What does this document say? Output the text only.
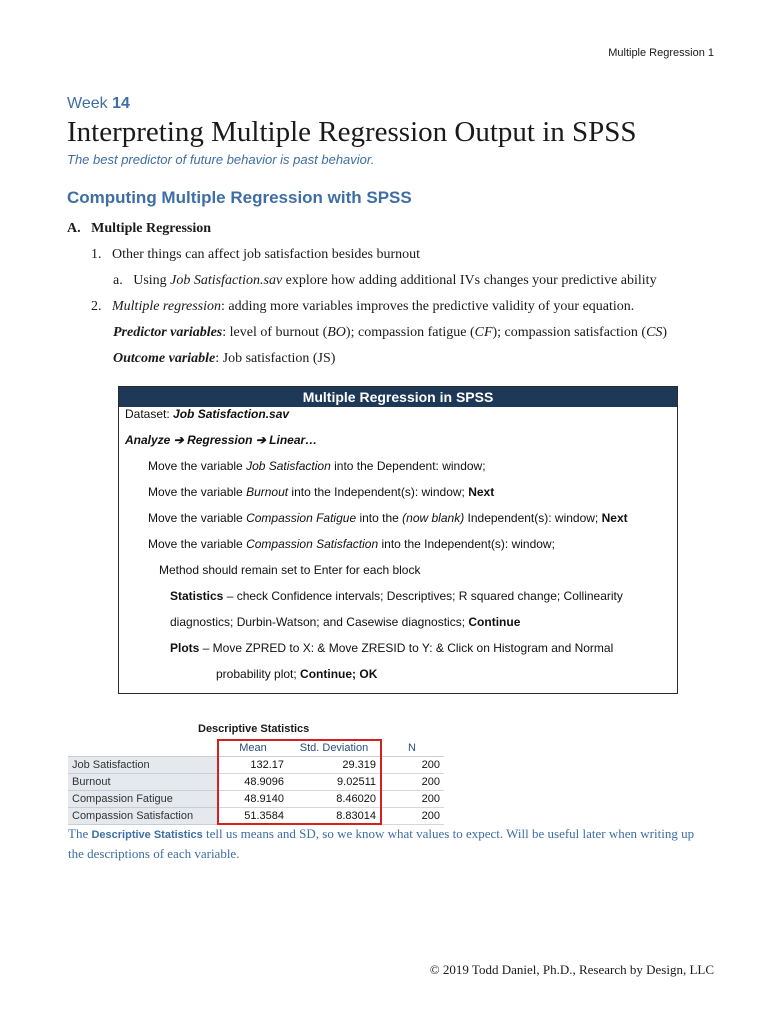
Multiple Regression 1
Week 14
Interpreting Multiple Regression Output in SPSS
The best predictor of future behavior is past behavior.
Computing Multiple Regression with SPSS
A. Multiple Regression
1. Other things can affect job satisfaction besides burnout
a. Using Job Satisfaction.sav explore how adding additional IVs changes your predictive ability
2. Multiple regression: adding more variables improves the predictive validity of your equation.
Predictor variables: level of burnout (BO); compassion fatigue (CF); compassion satisfaction (CS)
Outcome variable: Job satisfaction (JS)
Multiple Regression in SPSS
Dataset: Job Satisfaction.sav
Analyze ➔ Regression ➔ Linear…
Move the variable Job Satisfaction into the Dependent: window;
Move the variable Burnout into the Independent(s): window; Next
Move the variable Compassion Fatigue into the (now blank) Independent(s): window; Next
Move the variable Compassion Satisfaction into the Independent(s): window;
Method should remain set to Enter for each block
Statistics – check Confidence intervals; Descriptives; R squared change; Collinearity
diagnostics; Durbin-Watson; and Casewise diagnostics; Continue
Plots – Move ZPRED to X: & Move ZRESID to Y: & Click on Histogram and Normal
probability plot; Continue; OK
Descriptive Statistics
	Mean	Std. Deviation	N
Job Satisfaction	132.17	29.319	200
Burnout	48.9096	9.02511	200
Compassion Fatigue	48.9140	8.46020	200
Compassion Satisfaction	51.3584	8.83014	200
The Descriptive Statistics tell us means and SD, so we know what values to expect. Will be useful later when writing up
the descriptions of each variable.
© 2019 Todd Daniel, Ph.D., Research by Design, LLC
